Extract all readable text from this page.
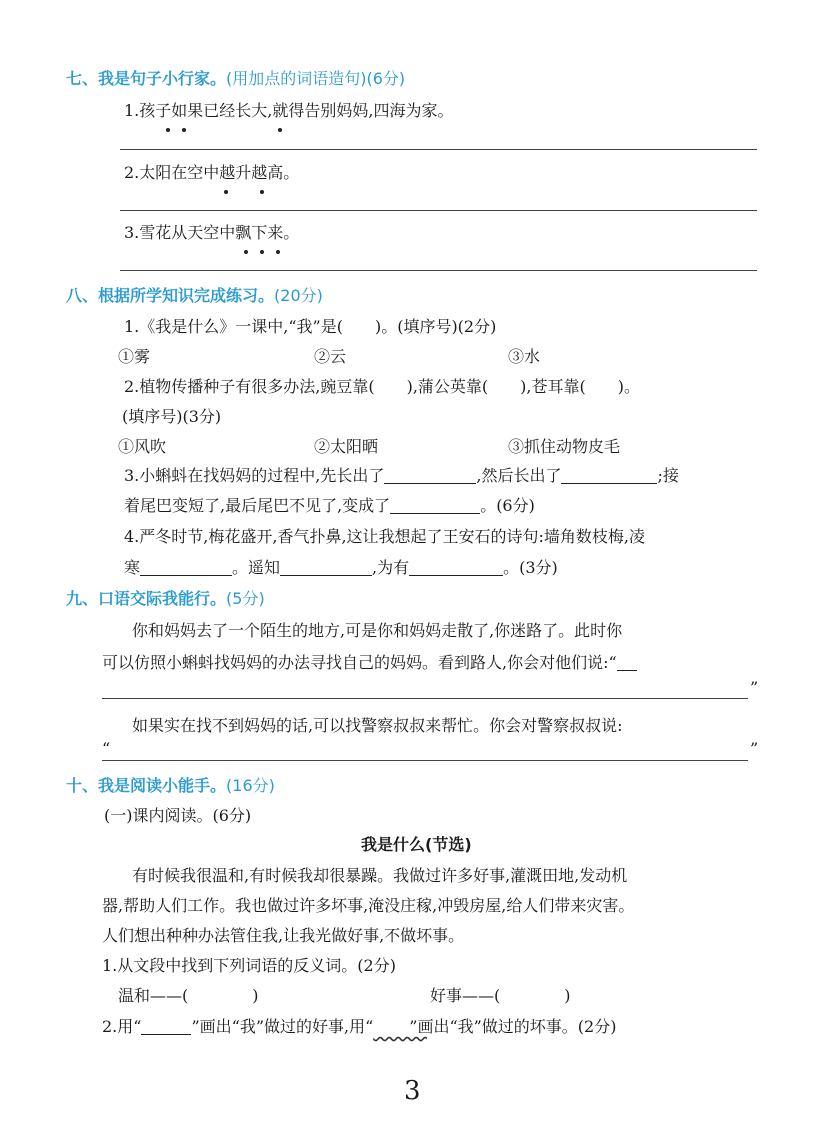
七、我是句子小行家。(用加点的词语造句)(6分)
1.孩子如果已经长大,就得告别妈妈,四海为家。
2.太阳在空中越升越高。
3.雪花从天空中飘下来。
八、根据所学知识完成练习。(20分)
1.《我是什么》一课中,“我”是(　　)。(填序号)(2分)
①雾	②云	③水
2.植物传播种子有很多办法,豌豆靠(　　),蒲公英靠(　　),苍耳靠(　　)。
(填序号)(3分)
①风吹	②太阳晒	③抓住动物皮毛
3.小蝌蚪在找妈妈的过程中,先长出了	,然后长出了	;接
着尾巴变短了,最后尾巴不见了,变成了	。(6分)
4.严冬时节,梅花盛开,香气扑鼻,这让我想起了王安石的诗句:墙角数枝梅,凌
寒	。遥知	,为有	。(3分)
九、口语交际我能行。(5分)
你和妈妈去了一个陌生的地方,可是你和妈妈走散了,你迷路了。此时你
可以仿照小蝌蚪找妈妈的办法寻找自己的妈妈。看到路人,你会对他们说:“
”
如果实在找不到妈妈的话,可以找警察叔叔来帮忙。你会对警察叔叔说:
“	”
十、我是阅读小能手。(16分)
(一)课内阅读。(6分)
我是什么(节选)
有时候我很温和,有时候我却很暴躁。我做过许多好事,灌溉田地,发动机
器,帮助人们工作。我也做过许多坏事,淹没庄稼,冲毁房屋,给人们带来灾害。
人们想出种种办法管住我,让我光做好事,不做坏事。
1.从文段中找到下列词语的反义词。(2分)
温和——(　　　　)	好事——(　　　　)
2.用“	”画出“我”做过的好事,用“ ”画出“我”做过的坏事。(2分)
3
